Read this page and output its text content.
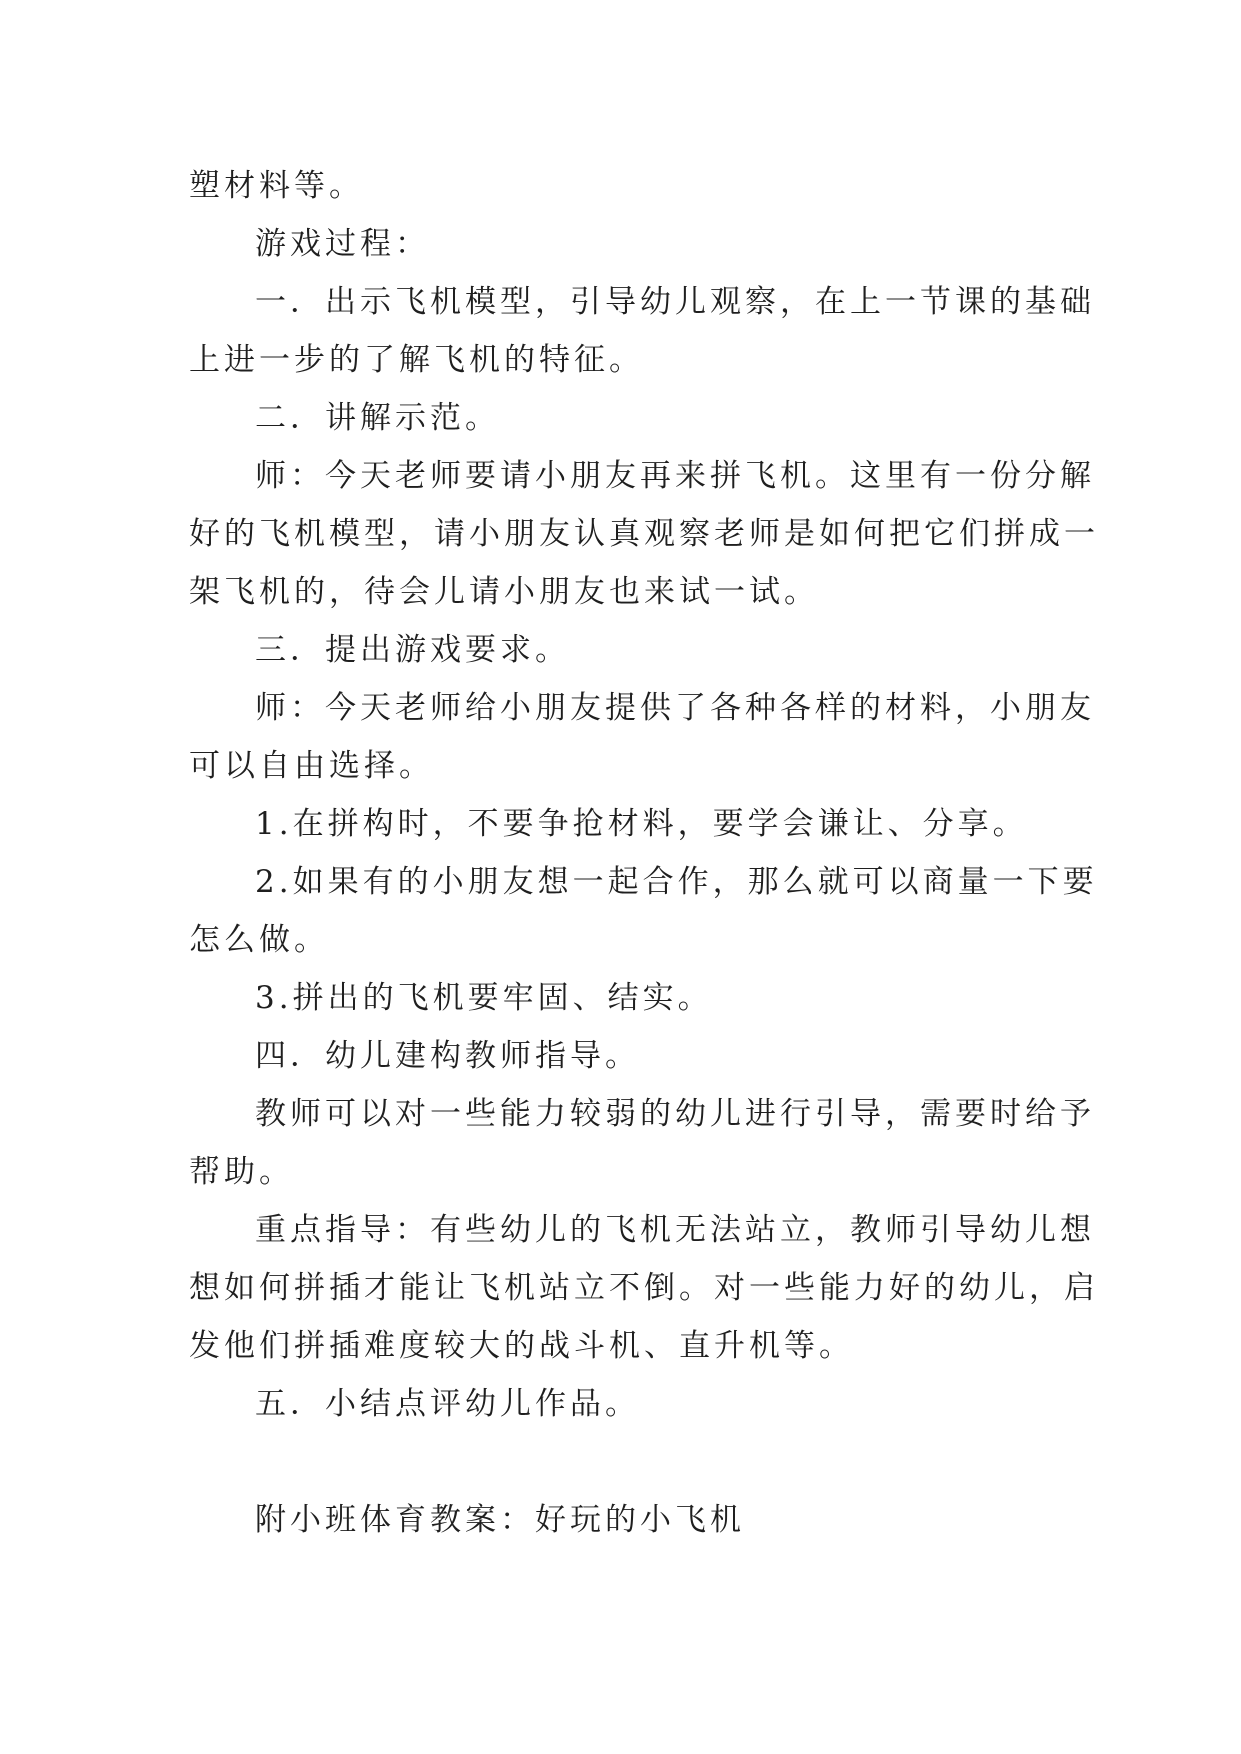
塑材料等。
游戏过程：
一．出示飞机模型，引导幼儿观察，在上一节课的基础
上进一步的了解飞机的特征。
二．讲解示范。
师：今天老师要请小朋友再来拼飞机。这里有一份分解
好的飞机模型，请小朋友认真观察老师是如何把它们拼成一
架飞机的，待会儿请小朋友也来试一试。
三．提出游戏要求。
师：今天老师给小朋友提供了各种各样的材料，小朋友
可以自由选择。
1.在拼构时，不要争抢材料，要学会谦让、分享。
2.如果有的小朋友想一起合作，那么就可以商量一下要
怎么做。
3.拼出的飞机要牢固、结实。
四．幼儿建构教师指导。
教师可以对一些能力较弱的幼儿进行引导，需要时给予
帮助。
重点指导：有些幼儿的飞机无法站立，教师引导幼儿想
想如何拼插才能让飞机站立不倒。对一些能力好的幼儿，启
发他们拼插难度较大的战斗机、直升机等。
五．小结点评幼儿作品。
附小班体育教案：好玩的小飞机
